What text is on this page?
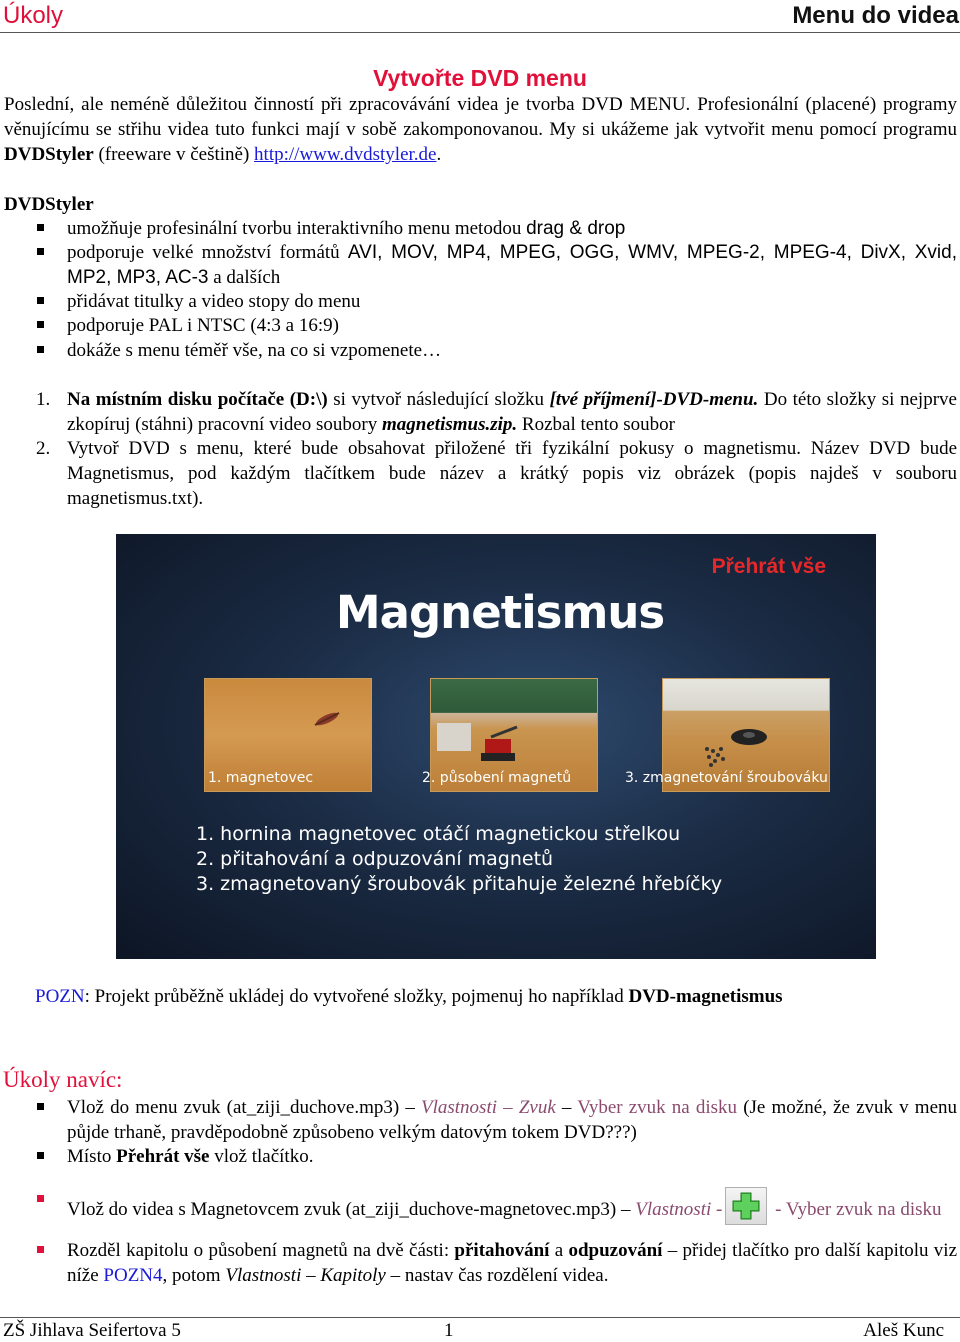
Úkoly	Menu do videa
Vytvořte DVD menu
Poslední, ale neméně důležitou činností při zpracovávání videa je tvorba DVD MENU. Profesionální (placené) programy věnujícímu se střihu videa tuto funkci mají v sobě zakomponovanou. My si ukážeme jak vytvořit menu pomocí programu DVDStyler (freeware v češtině) http://www.dvdstyler.de.
DVDStyler
umožňuje profesinální tvorbu interaktivního menu metodou drag & drop
podporuje velké množství formátů AVI, MOV, MP4, MPEG, OGG, WMV, MPEG-2, MPEG-4, DivX, Xvid, MP2, MP3, AC-3 a dalších
přidávat titulky a video stopy do menu
podporuje PAL i NTSC (4:3 a 16:9)
dokáže s menu téměř vše, na co si vzpomenete…
1. Na místním disku počítače (D:\) si vytvoř následující složku [tvé příjmení]-DVD-menu. Do této složky si nejprve zkopíruj (stáhni) pracovní video soubory magnetismus.zip. Rozbal tento soubor
2. Vytvoř DVD s menu, které bude obsahovat přiložené tři fyzikální pokusy o magnetismu. Název DVD bude Magnetismus, pod každým tlačítkem bude název a krátký popis viz obrázek (popis najdeš v souboru magnetismus.txt).
Přehrát vše
Magnetismus
1. magnetovec	2. působení magnetů	3. zmagnetování šroubováku
1. hornina magnetovec otáčí magnetickou střelkou
2. přitahování a odpuzování magnetů
3. zmagnetovaný šroubovák přitahuje železné hřebíčky
POZN: Projekt průběžně ukládej do vytvořené složky, pojmenuj ho například DVD-magnetismus
Úkoly navíc:
Vlož do menu zvuk (at_ziji_duchove.mp3) – Vlastnosti – Zvuk – Vyber zvuk na disku (Je možné, že zvuk v menu půjde trhaně, pravděpodobně způsobeno velkým datovým tokem DVD???)
Místo Přehrát vše vlož tlačítko.
Vlož do videa s Magnetovcem zvuk (at_ziji_duchove-magnetovec.mp3) – Vlastnosti -	- Vyber zvuk na disku
Rozděl kapitolu o působení magnetů na dvě části: přitahování a odpuzování – přidej tlačítko pro další kapitolu viz níže POZN4, potom Vlastnosti – Kapitoly – nastav čas rozdělení videa.
ZŠ Jihlava Seifertova 5	1	Aleš Kunc
